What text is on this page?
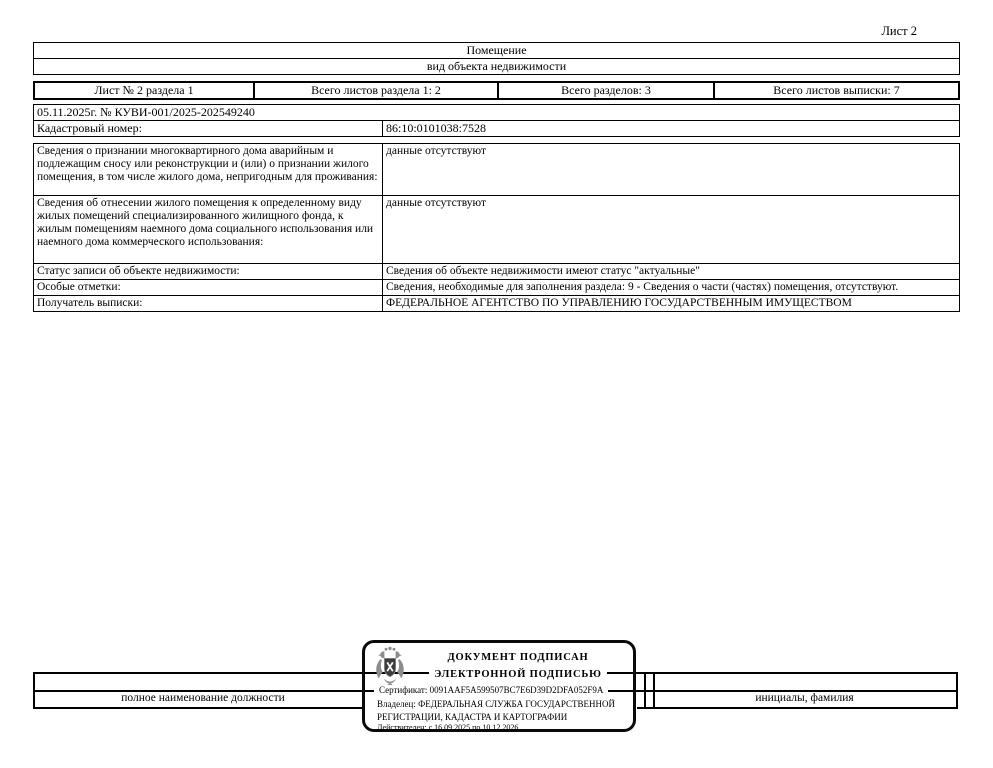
Лист 2
Помещение
вид объекта недвижимости
Лист № 2 раздела 1	Всего листов раздела 1: 2	Всего разделов: 3	Всего листов выписки: 7
05.11.2025г. № КУВИ-001/2025-202549240
Кадастровый номер:	86:10:0101038:7528
Сведения о признании многоквартирного дома аварийным и подлежащим сносу или реконструкции и (или) о признании жилого помещения, в том числе жилого дома, непригодным для проживания:	данные отсутствуют
Сведения об отнесении жилого помещения к определенному виду жилых помещений специализированного жилищного фонда, к жилым помещениям наемного дома социального использования или наемного дома коммерческого использования:	данные отсутствуют
Статус записи об объекте недвижимости:	Сведения об объекте недвижимости имеют статус "актуальные"
Особые отметки:	Сведения, необходимые для заполнения раздела: 9 - Сведения о части (частях) помещения, отсутствуют.
Получатель выписки:	ФЕДЕРАЛЬНОЕ АГЕНТСТВО ПО УПРАВЛЕНИЮ ГОСУДАРСТВЕННЫМ ИМУЩЕСТВОМ
полное наименование должности	инициалы, фамилия
ДОКУМЕНТ ПОДПИСАН
ЭЛЕКТРОННОЙ ПОДПИСЬЮ
Сертификат: 0091AAF5A599507BC7E6D39D2DFA052F9A
Владелец: ФЕДЕРАЛЬНАЯ СЛУЖБА ГОСУДАРСТВЕННОЙ РЕГИСТРАЦИИ, КАДАСТРА И КАРТОГРАФИИ
Действителен: с 16.09.2025 по 10.12.2026
